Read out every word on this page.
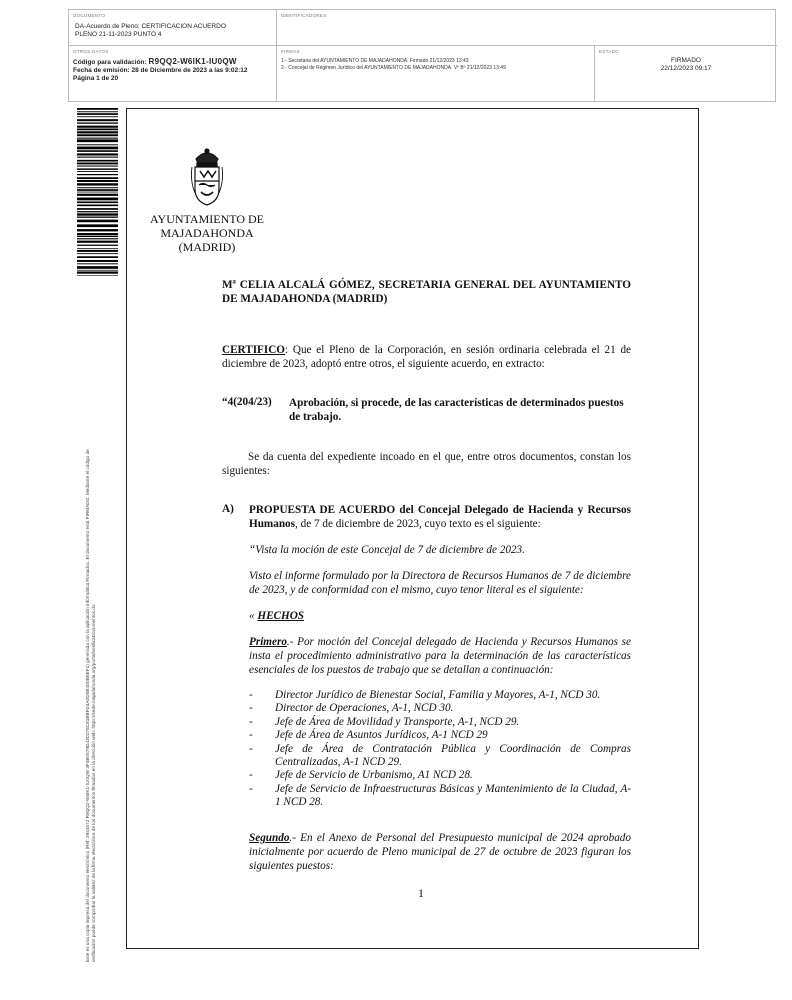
DOCUMENTO
DA-Acuerdo de Pleno: CERTIFICACION ACUERDO
PLENO 21-11-2023 PUNTO 4
IDENTIFICADORES
OTROS DATOS
Código para validación: R9QQ2-W6IK1-IU0QW
Fecha de emisión: 28 de Diciembre de 2023 a las 9:02:12
Página 1 de 20
FIRMAS
1.- Secretaria del AYUNTAMIENTO DE MAJADAHONDA. Firmado 21/12/2023 13:43
2.- Concejal de Régimen Jurídico del AYUNTAMIENTO DE MAJADAHONDA. Vº Bº 21/12/2023 13:49
ESTADO
FIRMADO
22/12/2023 09:17
Este es una copia impresa del documento electrónico (Ref: 2944572 R9QQ2-W6IK1-IU0QW 3F4B0579D43D275C81BBFD4A0D0B40DB8EF1) generada con la aplicación informática Firmadoc. El documento está FIRMADO. Mediante el código de verificación puede comprobar la validez de la firma electrónica de los documentos firmados en la dirección web: https://sede.majadahonda.org/portal/verificaDocumentos.do
AYUNTAMIENTO DE
MAJADAHONDA
(MADRID)
Mª CELIA ALCALÁ GÓMEZ, SECRETARIA GENERAL DEL AYUNTAMIENTO DE MAJADAHONDA (MADRID)
CERTIFICO: Que el Pleno de la Corporación, en sesión ordinaria celebrada el 21 de diciembre de 2023, adoptó entre otros, el siguiente acuerdo, en extracto:
“4(204/23) Aprobación, si procede, de las características de determinados puestos de trabajo.
Se da cuenta del expediente incoado en el que, entre otros documentos, constan los siguientes:
A) PROPUESTA DE ACUERDO del Concejal Delegado de Hacienda y Recursos Humanos, de 7 de diciembre de 2023, cuyo texto es el siguiente:
“Vista la moción de este Concejal de 7 de diciembre de 2023.
Visto el informe formulado por la Directora de Recursos Humanos de 7 de diciembre de 2023, y de conformidad con el mismo, cuyo tenor literal es el siguiente:
« HECHOS
Primero.- Por moción del Concejal delegado de Hacienda y Recursos Humanos se insta el procedimiento administrativo para la determinación de las características esenciales de los puestos de trabajo que se detallan a continuación:
- Director Jurídico de Bienestar Social, Familia y Mayores, A-1, NCD 30.
- Director de Operaciones, A-1, NCD 30.
- Jefe de Área de Movilidad y Transporte, A-1, NCD 29.
- Jefe de Área de Asuntos Jurídicos, A-1 NCD 29
- Jefe de Área de Contratación Pública y Coordinación de Compras Centralizadas, A-1 NCD 29.
- Jefe de Servicio de Urbanismo, A1 NCD 28.
- Jefe de Servicio de Infraestructuras Básicas y Mantenimiento de la Ciudad, A-1 NCD 28.
Segundo.- En el Anexo de Personal del Presupuesto municipal de 2024 aprobado inicialmente por acuerdo de Pleno municipal de 27 de octubre de 2023 figuran los siguientes puestos:
1
